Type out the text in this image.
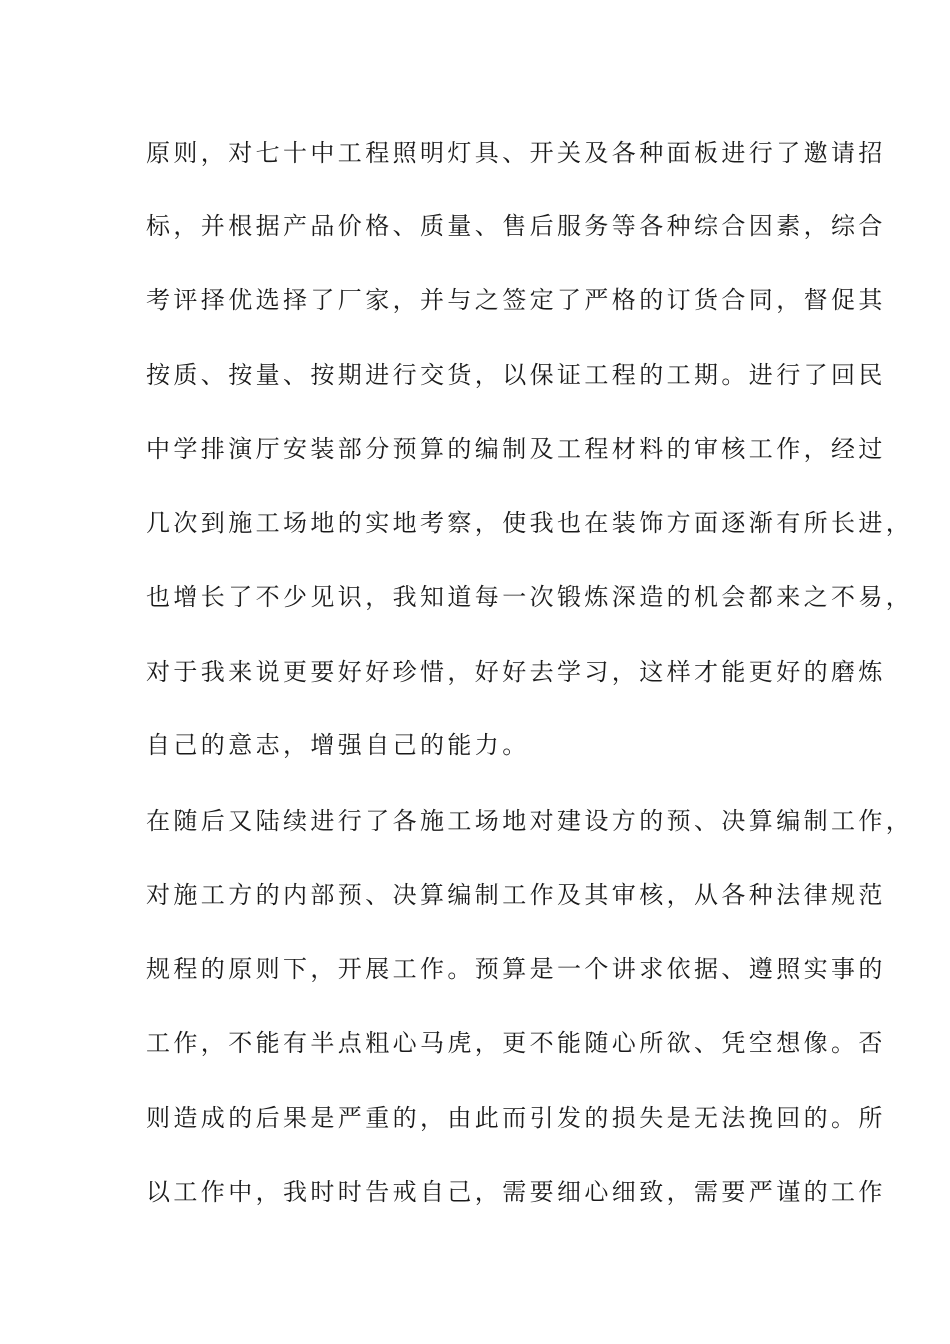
原则，对七十中工程照明灯具、开关及各种面板进行了邀请招
标，并根据产品价格、质量、售后服务等各种综合因素，综合
考评择优选择了厂家，并与之签定了严格的订货合同，督促其
按质、按量、按期进行交货，以保证工程的工期。进行了回民
中学排演厅安装部分预算的编制及工程材料的审核工作，经过
几次到施工场地的实地考察，使我也在装饰方面逐渐有所长进，
也增长了不少见识，我知道每一次锻炼深造的机会都来之不易，
对于我来说更要好好珍惜，好好去学习，这样才能更好的磨炼
自己的意志，增强自己的能力。
在随后又陆续进行了各施工场地对建设方的预、决算编制工作，
对施工方的内部预、决算编制工作及其审核，从各种法律规范
规程的原则下，开展工作。预算是一个讲求依据、遵照实事的
工作，不能有半点粗心马虎，更不能随心所欲、凭空想像。否
则造成的后果是严重的，由此而引发的损失是无法挽回的。所
以工作中，我时时告戒自己，需要细心细致，需要严谨的工作
